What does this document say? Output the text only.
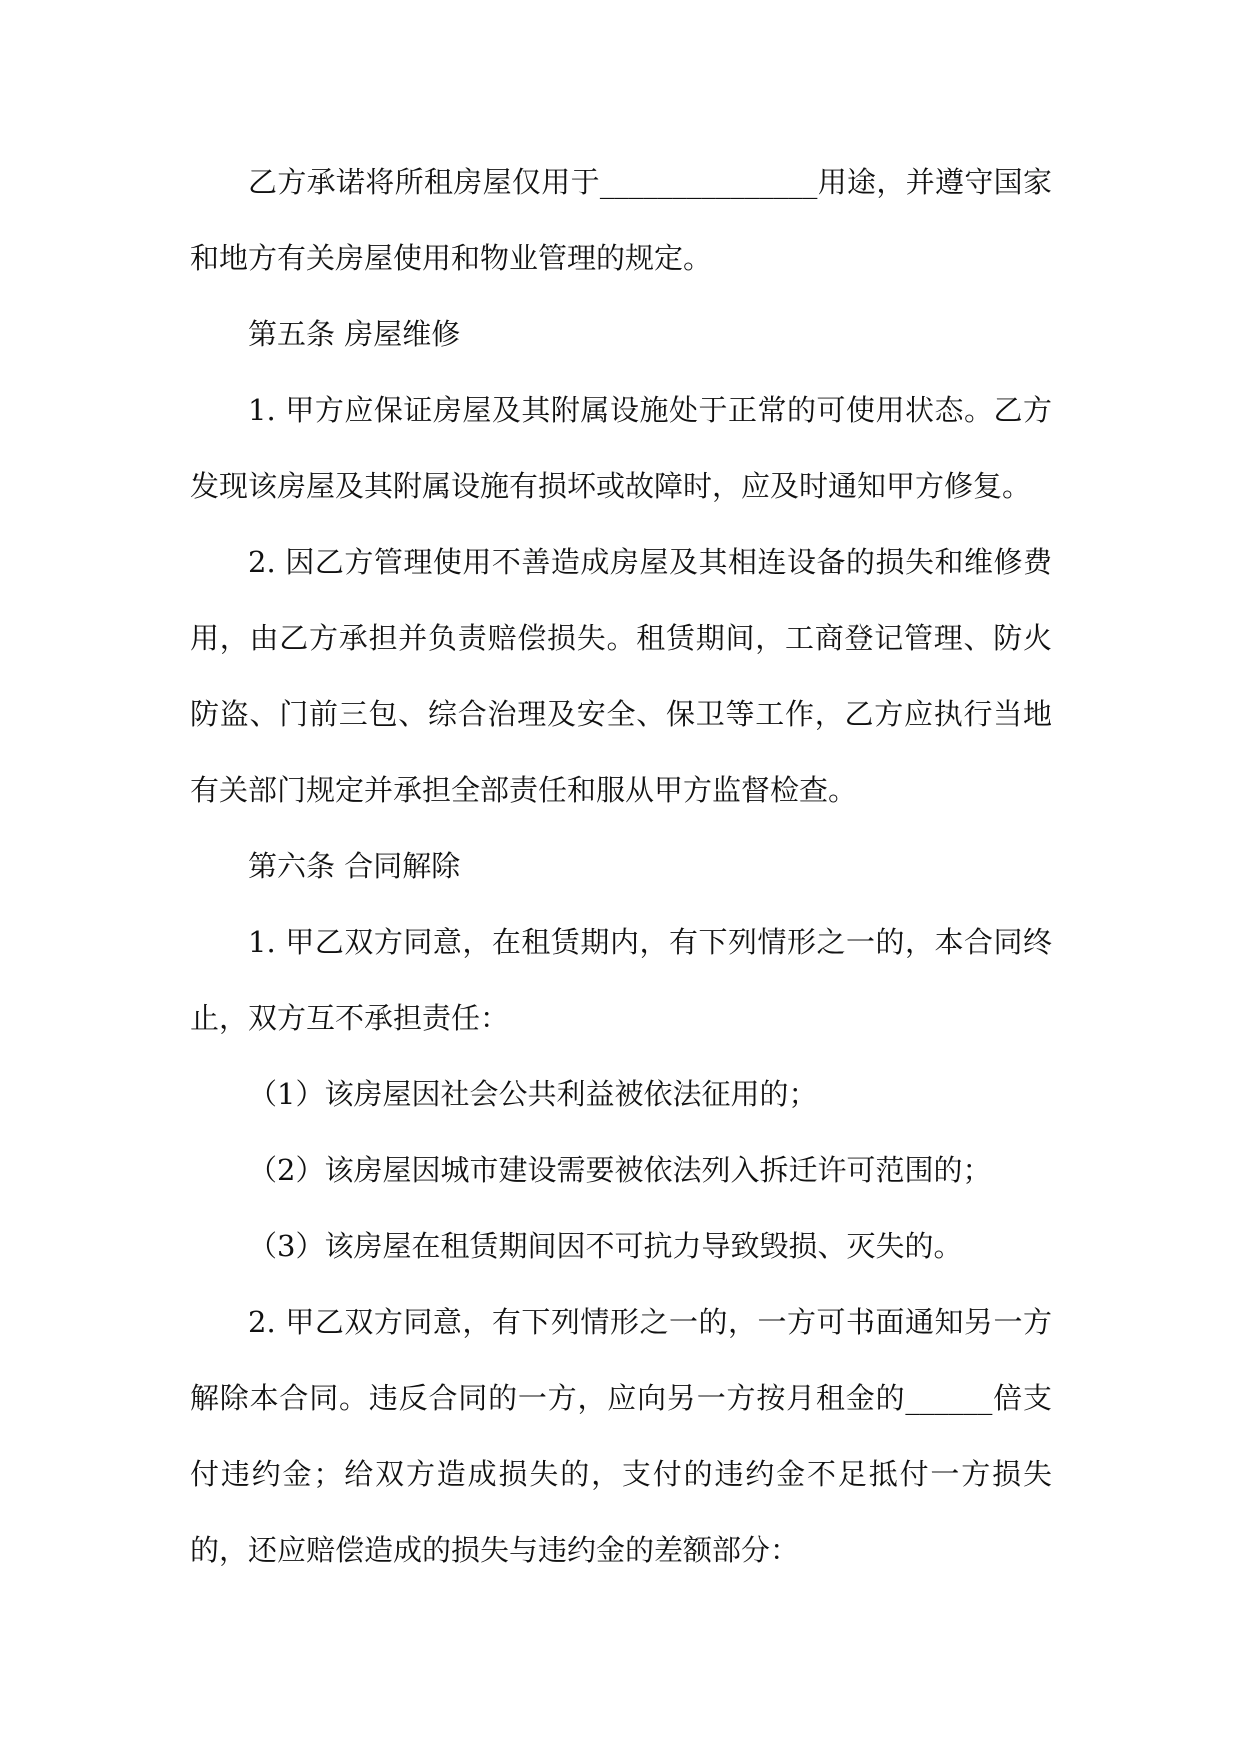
乙方承诺将所租房屋仅用于_______________用途，并遵守国家和地方有关房屋使用和物业管理的规定。

第五条 房屋维修

1. 甲方应保证房屋及其附属设施处于正常的可使用状态。乙方发现该房屋及其附属设施有损坏或故障时，应及时通知甲方修复。

2. 因乙方管理使用不善造成房屋及其相连设备的损失和维修费用，由乙方承担并负责赔偿损失。租赁期间，工商登记管理、防火防盗、门前三包、综合治理及安全、保卫等工作，乙方应执行当地有关部门规定并承担全部责任和服从甲方监督检查。

第六条 合同解除

1. 甲乙双方同意，在租赁期内，有下列情形之一的，本合同终止，双方互不承担责任：

（1）该房屋因社会公共利益被依法征用的；

（2）该房屋因城市建设需要被依法列入拆迁许可范围的；

（3）该房屋在租赁期间因不可抗力导致毁损、灭失的。

2. 甲乙双方同意，有下列情形之一的，一方可书面通知另一方解除本合同。违反合同的一方，应向另一方按月租金的______倍支付违约金；给双方造成损失的，支付的违约金不足抵付一方损失的，还应赔偿造成的损失与违约金的差额部分：
